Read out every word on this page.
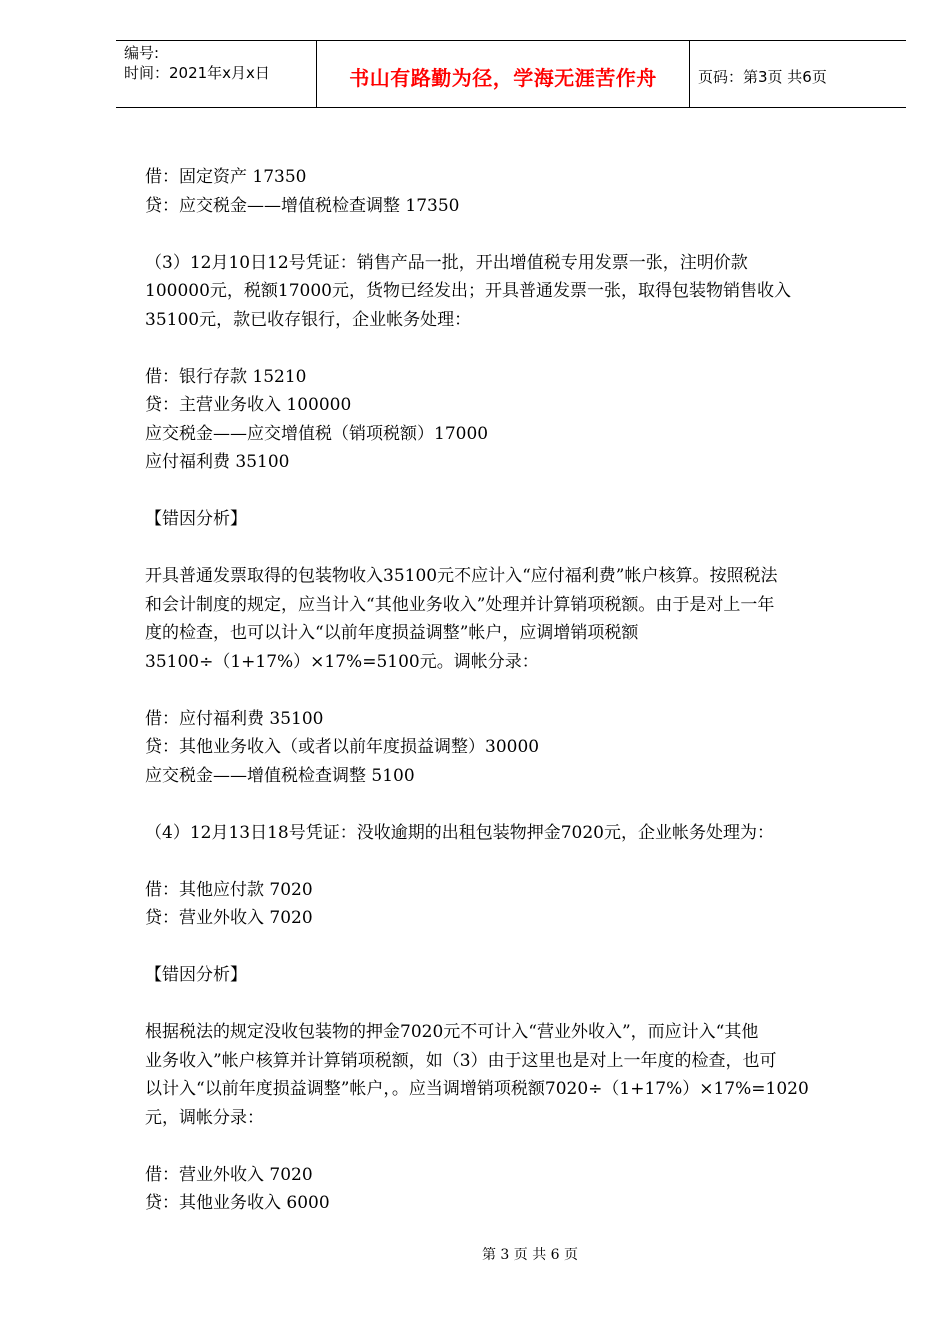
编号:
时间：2021年x月x日	书山有路勤为径，学海无涯苦作舟	页码：第3页 共6页

借：固定资产 17350

贷：应交税金——增值税检查调整 17350

（3）12月10日12号凭证：销售产品一批，开出增值税专用发票一张，注明价款

100000元，税额17000元，货物已经发出；开具普通发票一张，取得包装物销售收入

35100元，款已收存银行，企业帐务处理：

借：银行存款 15210

贷：主营业务收入 100000

应交税金——应交增值税（销项税额）17000

应付福利费 35100

【错因分析】

开具普通发票取得的包装物收入35100元不应计入“应付福利费”帐户核算。按照税法

和会计制度的规定，应当计入“其他业务收入”处理并计算销项税额。由于是对上一年

度的检查，也可以计入“以前年度损益调整”帐户，应调增销项税额

35100÷（1+17%）×17%=5100元。调帐分录：

借：应付福利费 35100

贷：其他业务收入（或者以前年度损益调整）30000

应交税金——增值税检查调整 5100

（4）12月13日18号凭证：没收逾期的出租包装物押金7020元，企业帐务处理为：

借：其他应付款 7020

贷：营业外收入 7020

【错因分析】

根据税法的规定没收包装物的押金7020元不可计入“营业外收入”，而应计入“其他

业务收入”帐户核算并计算销项税额，如（3）由于这里也是对上一年度的检查，也可

以计入“以前年度损益调整”帐户，。应当调增销项税额7020÷（1+17%）×17%=1020

元，调帐分录：

借：营业外收入 7020

贷：其他业务收入 6000

第 3 页 共 6 页
